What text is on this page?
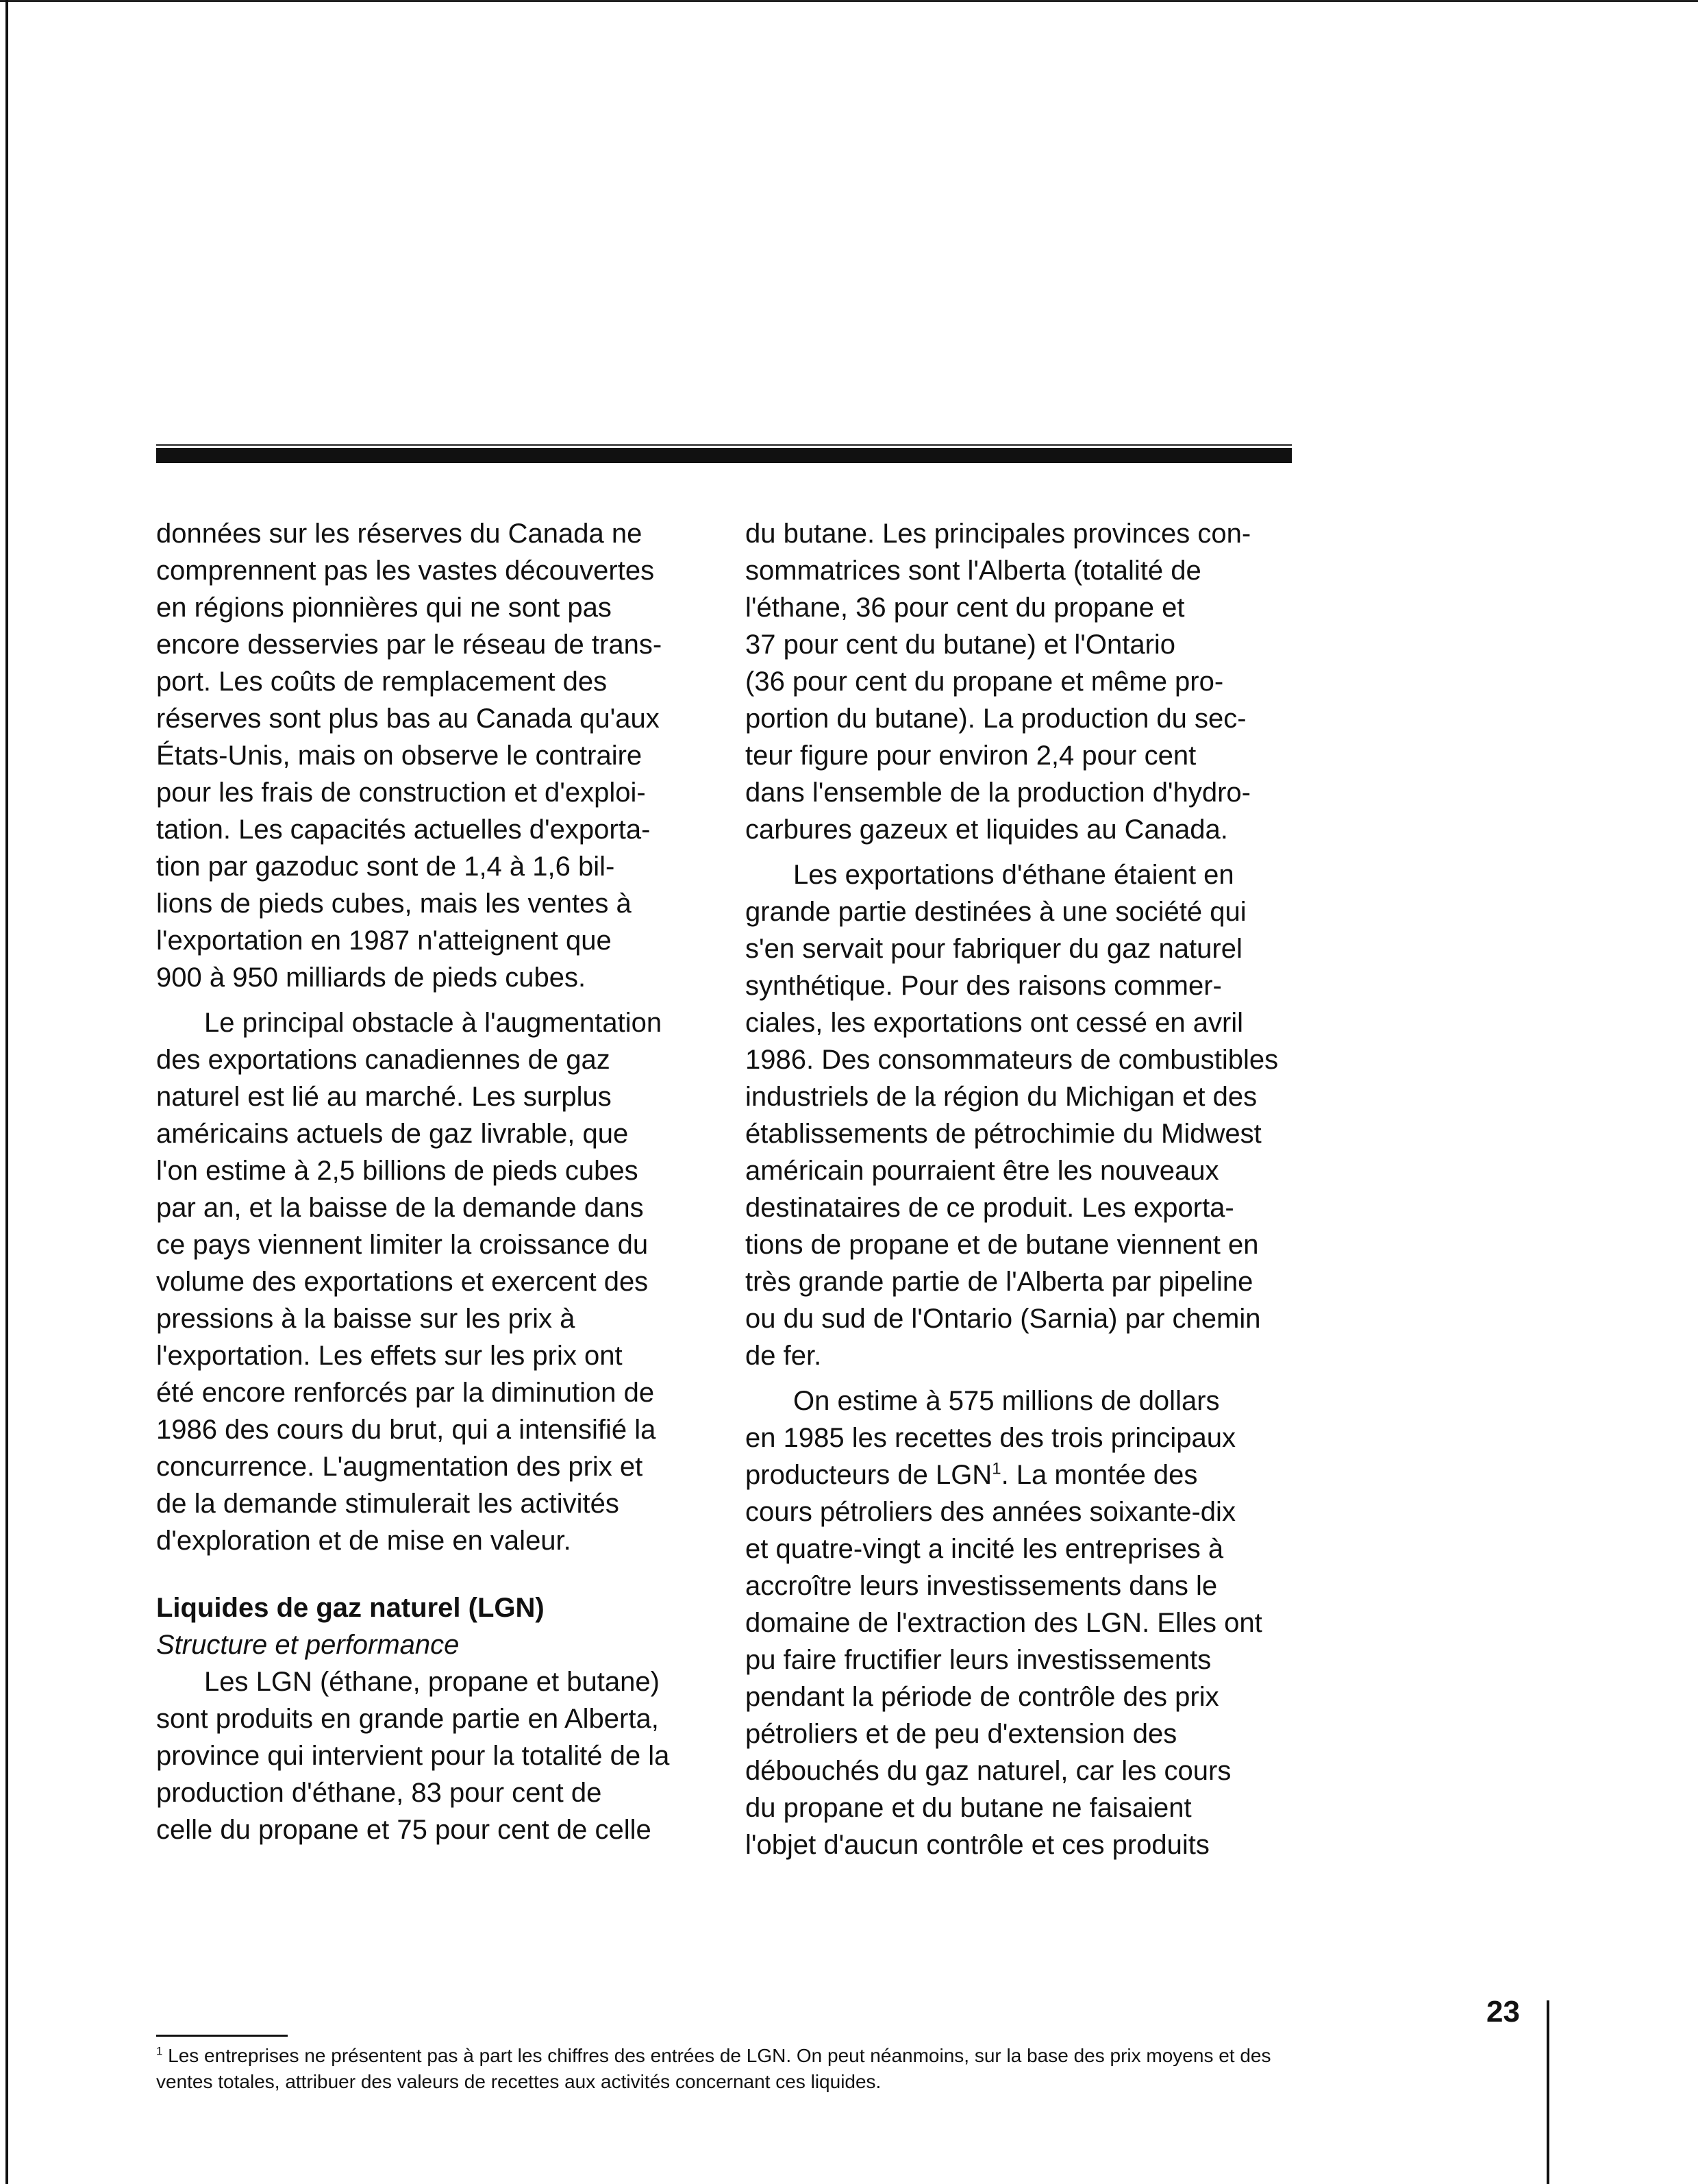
données sur les réserves du Canada ne
comprennent pas les vastes découvertes
en régions pionnières qui ne sont pas
encore desservies par le réseau de trans-
port. Les coûts de remplacement des
réserves sont plus bas au Canada qu'aux
États-Unis, mais on observe le contraire
pour les frais de construction et d'exploi-
tation. Les capacités actuelles d'exporta-
tion par gazoduc sont de 1,4 à 1,6 bil-
lions de pieds cubes, mais les ventes à
l'exportation en 1987 n'atteignent que
900 à 950 milliards de pieds cubes.
Le principal obstacle à l'augmentation
des exportations canadiennes de gaz
naturel est lié au marché. Les surplus
américains actuels de gaz livrable, que
l'on estime à 2,5 billions de pieds cubes
par an, et la baisse de la demande dans
ce pays viennent limiter la croissance du
volume des exportations et exercent des
pressions à la baisse sur les prix à
l'exportation. Les effets sur les prix ont
été encore renforcés par la diminution de
1986 des cours du brut, qui a intensifié la
concurrence. L'augmentation des prix et
de la demande stimulerait les activités
d'exploration et de mise en valeur.
Liquides de gaz naturel (LGN)
Structure et performance
Les LGN (éthane, propane et butane)
sont produits en grande partie en Alberta,
province qui intervient pour la totalité de la
production d'éthane, 83 pour cent de
celle du propane et 75 pour cent de celle
du butane. Les principales provinces con-
sommatrices sont l'Alberta (totalité de
l'éthane, 36 pour cent du propane et
37 pour cent du butane) et l'Ontario
(36 pour cent du propane et même pro-
portion du butane). La production du sec-
teur figure pour environ 2,4 pour cent
dans l'ensemble de la production d'hydro-
carbures gazeux et liquides au Canada.
Les exportations d'éthane étaient en
grande partie destinées à une société qui
s'en servait pour fabriquer du gaz naturel
synthétique. Pour des raisons commer-
ciales, les exportations ont cessé en avril
1986. Des consommateurs de combustibles
industriels de la région du Michigan et des
établissements de pétrochimie du Midwest
américain pourraient être les nouveaux
destinataires de ce produit. Les exporta-
tions de propane et de butane viennent en
très grande partie de l'Alberta par pipeline
ou du sud de l'Ontario (Sarnia) par chemin
de fer.
On estime à 575 millions de dollars
en 1985 les recettes des trois principaux
producteurs de LGN$^1$. La montée des
cours pétroliers des années soixante-dix
et quatre-vingt a incité les entreprises à
accroître leurs investissements dans le
domaine de l'extraction des LGN. Elles ont
pu faire fructifier leurs investissements
pendant la période de contrôle des prix
pétroliers et de peu d'extension des
débouchés du gaz naturel, car les cours
du propane et du butane ne faisaient
l'objet d'aucun contrôle et ces produits
$^1$ Les entreprises ne présentent pas à part les chiffres des entrées de LGN. On peut néanmoins, sur la base des prix moyens et des
ventes totales, attribuer des valeurs de recettes aux activités concernant ces liquides.
23
